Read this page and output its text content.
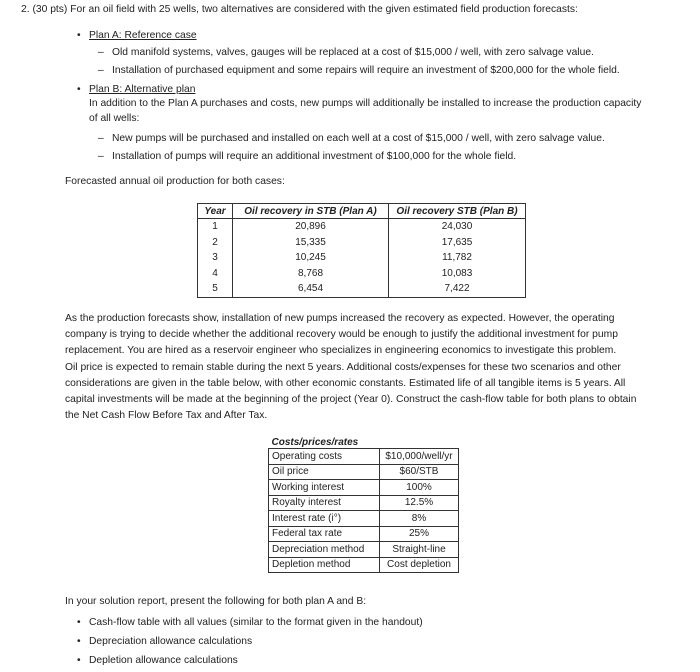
2. (30 pts) For an oil field with 25 wells, two alternatives are considered with the given estimated field production forecasts:
• Plan A: Reference case
– Old manifold systems, valves, gauges will be replaced at a cost of $15,000 / well, with zero salvage value.
– Installation of purchased equipment and some repairs will require an investment of $200,000 for the whole field.
• Plan B: Alternative plan
In addition to the Plan A purchases and costs, new pumps will additionally be installed to increase the production capacity
of all wells:
– New pumps will be purchased and installed on each well at a cost of $15,000 / well, with zero salvage value.
– Installation of pumps will require an additional investment of $100,000 for the whole field.
Forecasted annual oil production for both cases:
Year	Oil recovery in STB (Plan A)	Oil recovery STB (Plan B)
1	20,896	24,030
2	15,335	17,635
3	10,245	11,782
4	8,768	10,083
5	6,454	7,422
As the production forecasts show, installation of new pumps increased the recovery as expected. However, the operating
company is trying to decide whether the additional recovery would be enough to justify the additional investment for pump
replacement. You are hired as a reservoir engineer who specializes in engineering economics to investigate this problem.
Oil price is expected to remain stable during the next 5 years. Additional costs/expenses for these two scenarios and other
considerations are given in the table below, with other economic constants. Estimated life of all tangible items is 5 years. All
capital investments will be made at the beginning of the project (Year 0). Construct the cash-flow table for both plans to obtain
the Net Cash Flow Before Tax and After Tax.
Costs/prices/rates	
Operating costs	$10,000/well/yr
Oil price	$60/STB
Working interest	100%
Royalty interest	12.5%
Interest rate (i°)	8%
Federal tax rate	25%
Depreciation method	Straight-line
Depletion method	Cost depletion
In your solution report, present the following for both plan A and B:
• Cash-flow table with all values (similar to the format given in the handout)
• Depreciation allowance calculations
• Depletion allowance calculations
